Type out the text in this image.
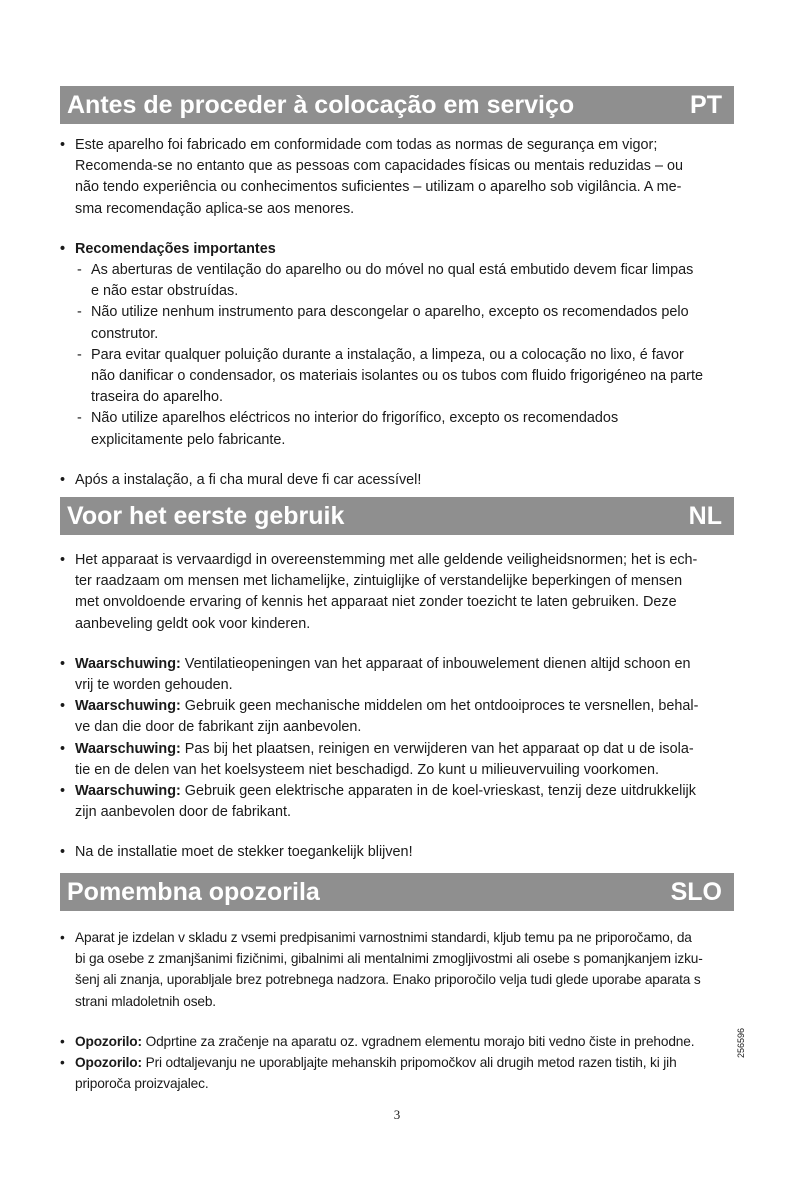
Antes de proceder à colocação em serviço	PT
• Este aparelho foi fabricado em conformidade com todas as normas de segurança em vigor;
Recomenda-se no entanto que as pessoas com capacidades físicas ou mentais reduzidas – ou
não tendo experiência ou conhecimentos suficientes – utilizam o aparelho sob vigilância. A me-
sma recomendação aplica-se aos menores.
• Recomendações importantes
- As aberturas de ventilação do aparelho ou do móvel no qual está embutido devem ficar limpas
e não estar obstruídas.
- Não utilize nenhum instrumento para descongelar o aparelho, excepto os recomendados pelo
construtor.
- Para evitar qualquer poluição durante a instalação, a limpeza, ou a colocação no lixo, é favor
não danificar o condensador, os materiais isolantes ou os tubos com fluido frigorigéneo na parte
traseira do aparelho.
- Não utilize aparelhos eléctricos no interior do frigorífico, excepto os recomendados
explicitamente pelo fabricante.
• Após a instalação, a fi cha mural deve fi car acessível!
Voor het eerste gebruik	NL
• Het apparaat is vervaardigd in overeenstemming met alle geldende veiligheidsnormen; het is ech-
ter raadzaam om mensen met lichamelijke, zintuiglijke of verstandelijke beperkingen of mensen
met onvoldoende ervaring of kennis het apparaat niet zonder toezicht te laten gebruiken. Deze
aanbeveling geldt ook voor kinderen.
• Waarschuwing: Ventilatieopeningen van het apparaat of inbouwelement dienen altijd schoon en
vrij te worden gehouden.
• Waarschuwing: Gebruik geen mechanische middelen om het ontdooiproces te versnellen, behal-
ve dan die door de fabrikant zijn aanbevolen.
• Waarschuwing: Pas bij het plaatsen, reinigen en verwijderen van het apparaat op dat u de isola-
tie en de delen van het koelsysteem niet beschadigd. Zo kunt u milieuvervuiling voorkomen.
• Waarschuwing: Gebruik geen elektrische apparaten in de koel-vrieskast, tenzij deze uitdrukkelijk
zijn aanbevolen door de fabrikant.
• Na de installatie moet de stekker toegankelijk blijven!
Pomembna opozorila	SLO
• Aparat je izdelan v skladu z vsemi predpisanimi varnostnimi standardi, kljub temu pa ne priporočamo, da
bi ga osebe z zmanjšanimi fizičnimi, gibalnimi ali mentalnimi zmogljivostmi ali osebe s pomanjkanjem izku-
šenj ali znanja, uporabljale brez potrebnega nadzora. Enako priporočilo velja tudi glede uporabe aparata s
strani mladoletnih oseb.
• Opozorilo: Odprtine za zračenje na aparatu oz. vgradnem elementu morajo biti vedno čiste in prehodne.
• Opozorilo: Pri odtaljevanju ne uporabljajte mehanskih pripomočkov ali drugih metod razen tistih, ki jih
priporoča proizvajalec.
256596
3
